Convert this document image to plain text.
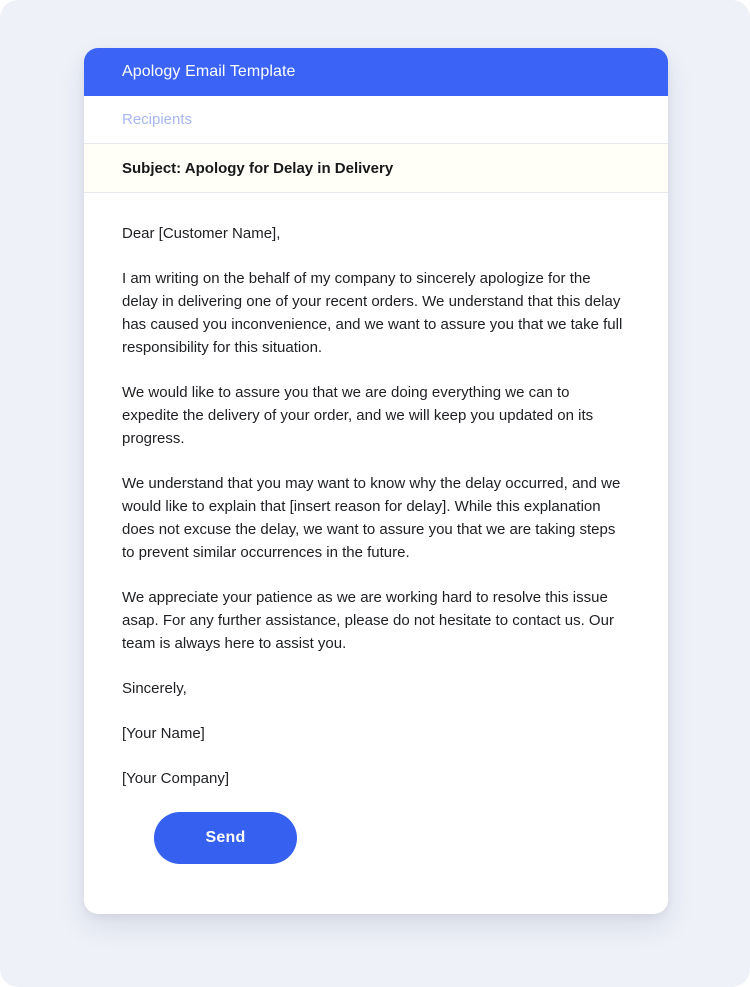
Apology Email Template
Recipients
Subject: Apology for Delay in Delivery

Dear [Customer Name],

I am writing on the behalf of my company to sincerely apologize for the delay in delivering one of your recent orders. We understand that this delay has caused you inconvenience, and we want to assure you that we take full responsibility for this situation.

We would like to assure you that we are doing everything we can to expedite the delivery of your order, and we will keep you updated on its progress.

We understand that you may want to know why the delay occurred, and we would like to explain that [insert reason for delay]. While this explanation does not excuse the delay, we want to assure you that we are taking steps to prevent similar occurrences in the future.

We appreciate your patience as we are working hard to resolve this issue asap. For any further assistance, please do not hesitate to contact us. Our team is always here to assist you.

Sincerely,

[Your Name]

[Your Company]

Send
